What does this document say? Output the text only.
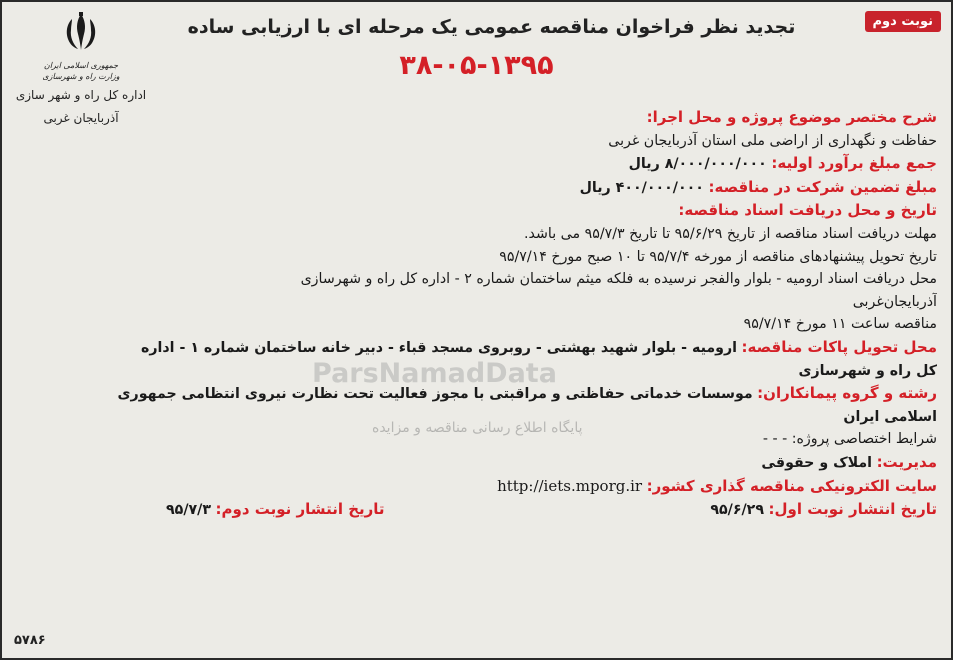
نوبت دوم
تجدید نظر فراخوان مناقصه عمومی یک مرحله ای با ارزیابی ساده
۳۸-۰۵-۱۳۹۵
جمهوری اسلامی ایران
وزارت راه و شهرسازی
اداره کل راه و شهر سازی
آذربایجان غربی
ParsNamadData
پایگاه اطلاع رسانی مناقصه و مزایده
شرح مختصر موضوع پروژه و محل اجرا:
حفاظت و نگهداری از اراضی ملی استان آذربایجان غربی
جمع مبلغ برآورد اولیه: ۸/۰۰۰/۰۰۰/۰۰۰ ریال
مبلغ تضمین شرکت در مناقصه: ۴۰۰/۰۰۰/۰۰۰ ریال
تاریخ و محل دریافت اسناد مناقصه:
مهلت دریافت اسناد مناقصه از تاریخ ۹۵/۶/۲۹ تا تاریخ ۹۵/۷/۳ می باشد.
تاریخ تحویل پیشنهادهای مناقصه از مورخه ۹۵/۷/۴ تا ۱۰ صبح مورخ ۹۵/۷/۱۴
محل دریافت اسناد ارومیه - بلوار والفجر نرسیده به فلکه میثم ساختمان شماره ۲ - اداره کل راه و شهرسازی
آذربایجان‌غربی
مناقصه ساعت ۱۱ مورخ ۹۵/۷/۱۴
محل تحویل پاکات مناقصه: ارومیه - بلوار شهید بهشتی - روبروی مسجد قباء - دبیر خانه ساختمان شماره ۱ - اداره
کل راه و شهرسازی
رشته و گروه پیمانکاران: موسسات خدماتی حفاظتی و مراقبتی با مجوز فعالیت تحت نظارت نیروی انتظامی جمهوری
اسلامی ایران
شرایط اختصاصی پروژه: - - -
مدیریت: املاک و حقوقی
سایت الکترونیکی مناقصه گذاری کشور: http://iets.mporg.ir
تاریخ انتشار نوبت اول: ۹۵/۶/۲۹
تاریخ انتشار نوبت دوم: ۹۵/۷/۳
۵۷۸۶
